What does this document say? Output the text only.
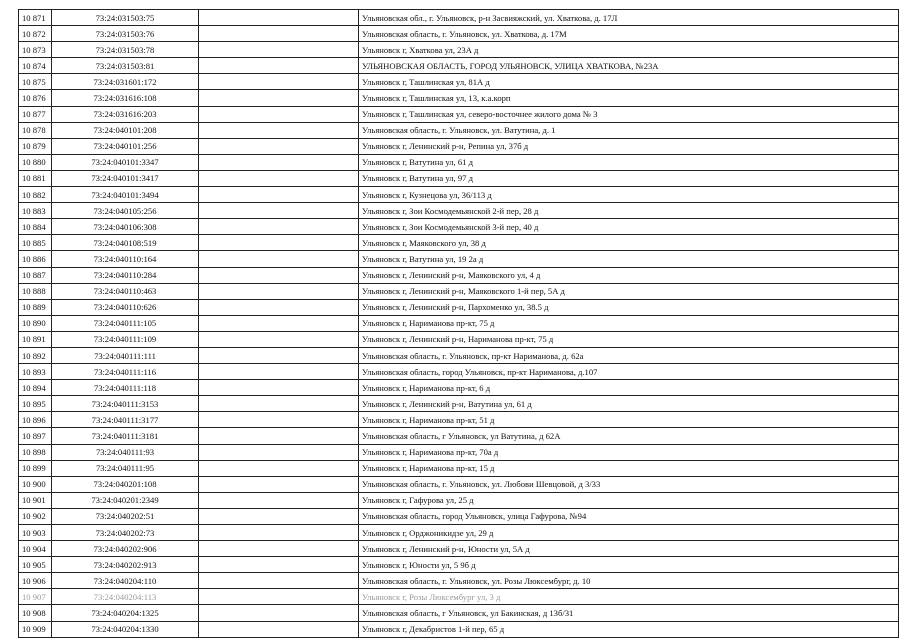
10 871	73:24:031503:75		Ульяновская обл., г. Ульяновск, р-н Засвияжский, ул. Хваткова, д. 17Л
10 872	73:24:031503:76		Ульяновская область, г. Ульяновск, ул. Хваткова, д. 17М
10 873	73:24:031503:78		Ульяновск г, Хваткова ул, 23А д
10 874	73:24:031503:81		УЛЬЯНОВСКАЯ ОБЛАСТЬ, ГОРОД УЛЬЯНОВСК, УЛИЦА ХВАТКОВА, №23А
10 875	73:24:031601:172		Ульяновск г, Ташлинская ул, 81А д
10 876	73:24:031616:108		Ульяновск г, Ташлинская ул, 13, к.а.корп
10 877	73:24:031616:203		Ульяновск г, Ташлинская ул, северо-восточнее жилого дома № 3
10 878	73:24:040101:208		Ульяновская область, г. Ульяновск, ул. Ватутина, д. 1
10 879	73:24:040101:256		Ульяновск г, Ленинский р-н, Репина ул, 37б д
10 880	73:24:040101:3347		Ульяновск г, Ватутина ул, 61 д
10 881	73:24:040101:3417		Ульяновск г, Ватутина ул, 97 д
10 882	73:24:040101:3494		Ульяновск г, Кузнецова ул, 36/113 д
10 883	73:24:040105:256		Ульяновск г, Зои Космодемьянской 2-й пер, 28 д
10 884	73:24:040106:308		Ульяновск г, Зои Космодемьянской 3-й пер, 40 д
10 885	73:24:040108:519		Ульяновск г, Маяковского ул, 38 д
10 886	73:24:040110:164		Ульяновск г, Ватутина ул, 19 2а д
10 887	73:24:040110:284		Ульяновск г, Ленинский р-н, Маяковского ул, 4 д
10 888	73:24:040110:463		Ульяновск г, Ленинский р-н, Маяковского 1-й пер, 5А д
10 889	73:24:040110:626		Ульяновск г, Ленинский р-н, Пархоменко ул, 38.5 д
10 890	73:24:040111:105		Ульяновск г, Нариманова пр-кт, 75 д
10 891	73:24:040111:109		Ульяновск г, Ленинский р-н, Нариманова пр-кт, 75 д
10 892	73:24:040111:111		Ульяновская область, г. Ульяновск, пр-кт Нариманова, д. 62а
10 893	73:24:040111:116		Ульяновская область, город Ульяновск, пр-кт Нариманова, д.107
10 894	73:24:040111:118		Ульяновск г, Нариманова пр-кт, 6 д
10 895	73:24:040111:3153		Ульяновск г, Ленинский р-н, Ватутина ул, 61 д
10 896	73:24:040111:3177		Ульяновск г, Нариманова пр-кт, 51 д
10 897	73:24:040111:3181		Ульяновская область, г Ульяновск, ул Ватутина, д 62А
10 898	73:24:040111:93		Ульяновск г, Нариманова пр-кт, 70а д
10 899	73:24:040111:95		Ульяновск г, Нариманова пр-кт, 15 д
10 900	73:24:040201:108		Ульяновская область, г. Ульяновск, ул. Любови Шевцовой, д 3/33
10 901	73:24:040201:2349		Ульяновск г, Гафурова ул, 25 д
10 902	73:24:040202:51		Ульяновская область, город Ульяновск, улица Гафурова, №94
10 903	73:24:040202:73		Ульяновск г, Орджоникидзе ул, 29 д
10 904	73:24:040202:906		Ульяновск г, Ленинский р-н, Юности ул, 5А д
10 905	73:24:040202:913		Ульяновск г, Юности ул, 5 9б д
10 906	73:24:040204:110		Ульяновская область, г. Ульяновск, ул. Розы Люксембург, д. 10
10 907	73:24:040204:113		Ульяновск г, Розы Люксембург ул, 3 д
10 908	73:24:040204:1325		Ульяновская область, г Ульяновск, ул Бакинская, д 13б/31
10 909	73:24:040204:1330		Ульяновск г, Декабристов 1-й пер, 65 д
